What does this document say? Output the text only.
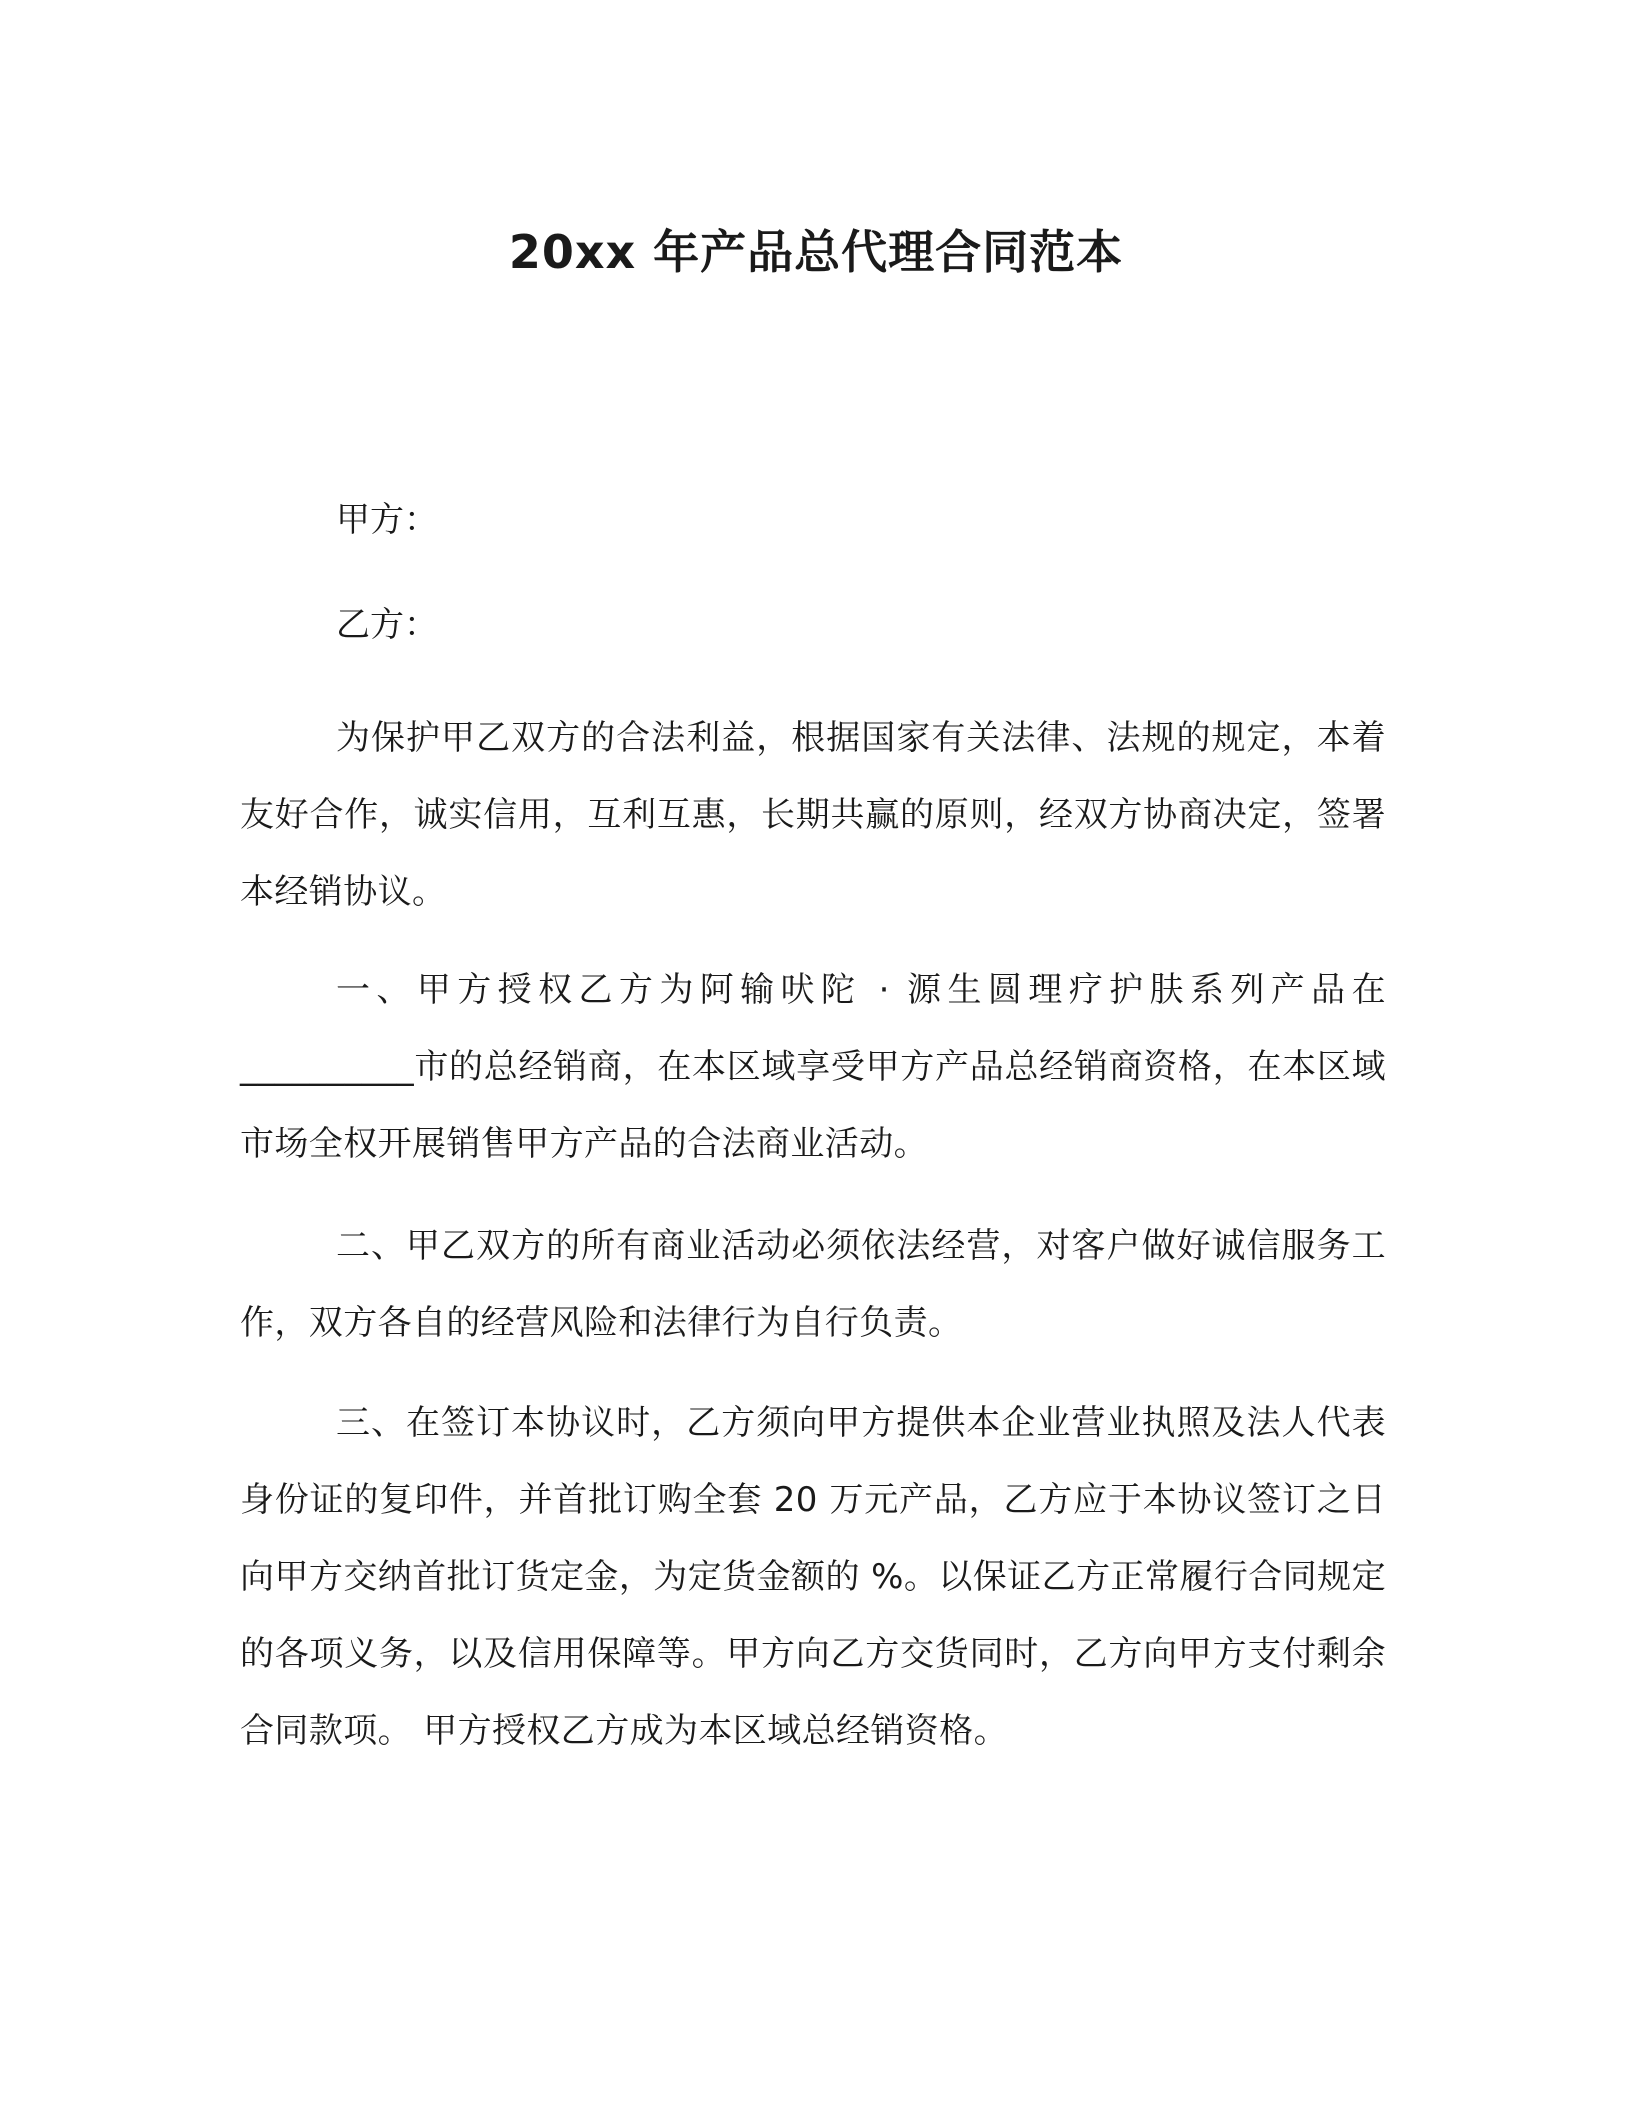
20xx 年产品总代理合同范本

甲方：

乙方：

为保护甲乙双方的合法利益，根据国家有关法律、法规的规定，本着友好合作，诚实信用，互利互惠，长期共赢的原则，经双方协商决定，签署本经销协议。

一、甲方授权乙方为阿输吠陀 · 源生圆理疗护肤系列产品在__________市的总经销商，在本区域享受甲方产品总经销商资格，在本区域市场全权开展销售甲方产品的合法商业活动。

二、甲乙双方的所有商业活动必须依法经营，对客户做好诚信服务工作，双方各自的经营风险和法律行为自行负责。

三、在签订本协议时，乙方须向甲方提供本企业营业执照及法人代表身份证的复印件，并首批订购全套 20 万元产品，乙方应于本协议签订之日向甲方交纳首批订货定金，为定货金额的 %。以保证乙方正常履行合同规定的各项义务，以及信用保障等。甲方向乙方交货同时，乙方向甲方支付剩余合同款项。 甲方授权乙方成为本区域总经销资格。
